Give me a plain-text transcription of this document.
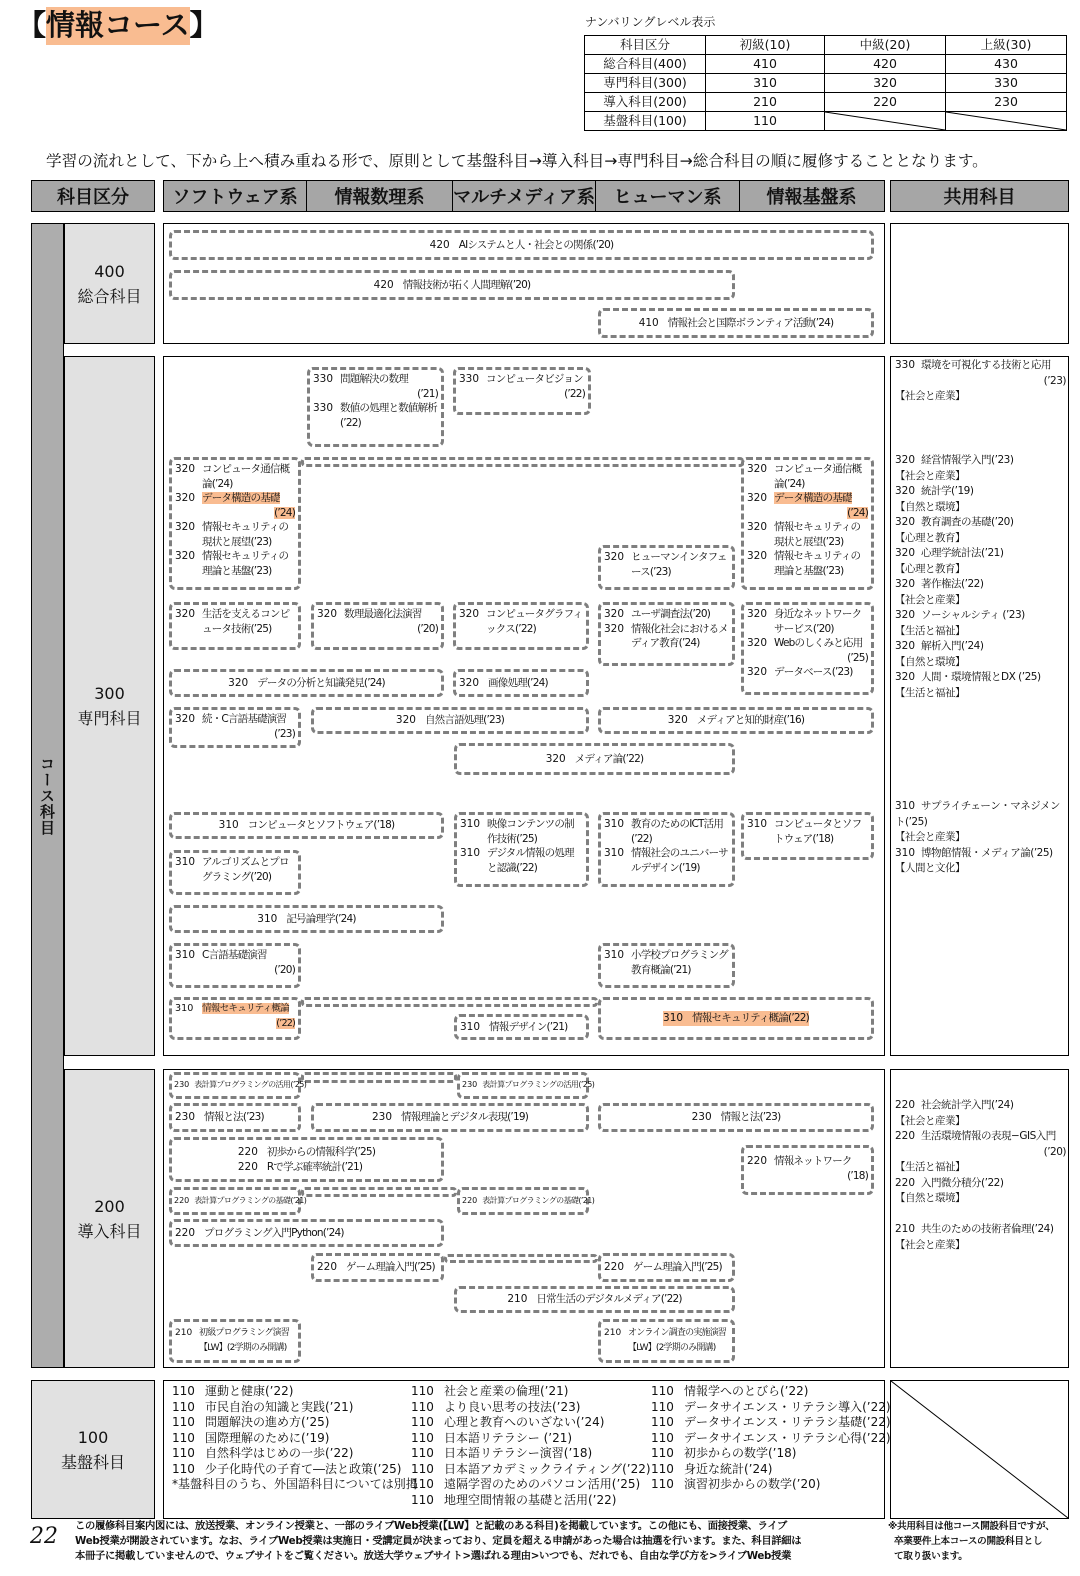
【情報コース】	ナンバリングレベル表示
科目区分	初級(10)	中級(20)	上級(30)
総合科目(400)	410	420	430
専門科目(300)	310	320	330
導入科目(200)	210	220	230
基盤科目(100)	110	

学習の流れとして、下から上へ積み重ねる形で、原則として基盤科目→導入科目→専門科目→総合科目の順に履修することとなります。
科目区分	ソフトウェア系	情報数理系	マルチメディア系	ヒューマン系	情報基盤系	共用科目
コース科目
400
総合科目
300
専門科目
200
導入科目
100
基盤科目
420 AIシステムと人・社会との関係 (’20)
420 情報技術が拓く人間理解 (’20)
410 情報社会と国際ボランティア活動 (’24)
330 問題解決の数理
(’21)
330 数値の処理と数値解析(’22)
330 コンピュータビジョン
(’22)
320 コンピュータ通信概論(’24)
320 データ構造の基礎
(’24)
320 情報セキュリティの現状と展望(’23)
320 情報セキュリティの理論と基盤(’23)
320 コンピュータ通信概論(’24)
320 データ構造の基礎
(’24)
320 情報セキュリティの現状と展望(’23)
320 情報セキュリティの理論と基盤(’23)
320 ヒューマンインタフェース(’23)
320 生活を支えるコンピュータ技術(’25)
320 数理最適化法演習
(’20)
320 コンピュータグラフィックス(’22)
320 ユーザ調査法(’20)
320 情報化社会におけるメディア教育(’24)
320 身近なネットワークサービス(’20)
320 Webのしくみと応用
(’25)
320 データベース(’23)
320 データの分析と知識発見 (’24)	320 画像処理 (’24)
320 続・C言語基礎演習
(’23)
320 自然言語処理 (’23)	320 メディアと知的財産 (’16)
320 メディア論 (’22)
310 コンピュータとソフトウェア (’18)	310 映像コンテンツの制作技術(’25)
310 デジタル情報の処理と認識(’22)
310 教育のためのICT活用(’22)
310 情報社会のユニバーサルデザイン(’19)
310 コンピュータとソフトウェア(’18)
310 アルゴリズムとプログラミング(’20)
310 記号論理学 (’24)
310 C言語基礎演習
(’20)
310 小学校プログラミング教育概論(’21)
310 情報セキュリティ概論
(’22)	310 情報デザイン (’21)
310 情報セキュリティ概論(’22)
230 表計算プログラミングの活用 (’25)	230 表計算プログラミングの活用 (’25)
230 情報と法 (’23)	230 情報理論とデジタル表現 (’19)	230 情報と法 (’23)
220 初歩からの情報科学(’25)
220 Rで学ぶ確率統計(’21)	220 情報ネットワーク
(’18)
220 表計算プログラミングの基礎 (’21)	220 表計算プログラミングの基礎 (’21)
220 プログラミング入門Python (’24)
220 ゲーム理論入門 (’25)	220 ゲーム理論入門 (’25)
210 日常生活のデジタルメディア (’22)
210 初級プログラミング演習
【LW】(2学期のみ開講)
210 オンライン調査の実施演習
【LW】(2学期のみ開講)
330 環境を可視化する技術と応用
(’23)
【社会と産業】
320 経営情報学入門(’23)
【社会と産業】
320 統計学(’19)
【自然と環境】
320 教育調査の基礎(’20)
【心理と教育】
320 心理学統計法(’21)
【心理と教育】
320 著作権法(’22)
【社会と産業】
320 ソーシャルシティ (’23)
【生活と福祉】
320 解析入門(’24)
【自然と環境】
320 人間・環境情報とDX (’25)
【生活と福祉】
310 サプライチェーン・マネジメント(’25)
【社会と産業】
310 博物館情報・メディア論(’25)
【人間と文化】
220 社会統計学入門(’24)
【社会と産業】
220 生活環境情報の表現−GIS入門
(’20)
【生活と福祉】
220 入門微分積分(’22)
【自然と環境】
210 共生のための技術者倫理(’24)
【社会と産業】
110 運動と健康(’22)
110 市民自治の知識と実践(’21)
110 問題解決の進め方(’25)
110 国際理解のために(’19)
110 自然科学はじめの一歩(’22)
110 少子化時代の子育て―法と政策(’25)
*基盤科目のうち、外国語科目については別掲
110 社会と産業の倫理(’21)
110 より良い思考の技法(’23)
110 心理と教育へのいざない(’24)
110 日本語リテラシー (’21)
110 日本語リテラシー演習(’18)
110 日本語アカデミックライティング(’22)
110 遠隔学習のためのパソコン活用(’25)
110 地理空間情報の基礎と活用(’22)
110 情報学へのとびら(’22)
110 データサイエンス・リテラシ導入(’22)
110 データサイエンス・リテラシ基礎(’22)
110 データサイエンス・リテラシ心得(’22)
110 初歩からの数学(’18)
110 身近な統計(’24)
110 演習初歩からの数学(’20)
22 この履修科目案内図には、放送授業、オンライン授業と、一部のライブWeb授業(【LW】と記載のある科目)を掲載しています。この他にも、面接授業、ライブ
Web授業が開設されています。なお、ライブWeb授業は実施日・受講定員が決まっており、定員を超える申請があった場合は抽選を行います。また、科目詳細は
本冊子に掲載していませんので、ウェブサイトをご覧ください。放送大学ウェブサイト>選ばれる理由>いつでも、だれでも、自由な学び方を>ライブWeb授業
※共用科目は他コース開設科目ですが、
卒業要件上本コースの開設科目とし
て取り扱います。
